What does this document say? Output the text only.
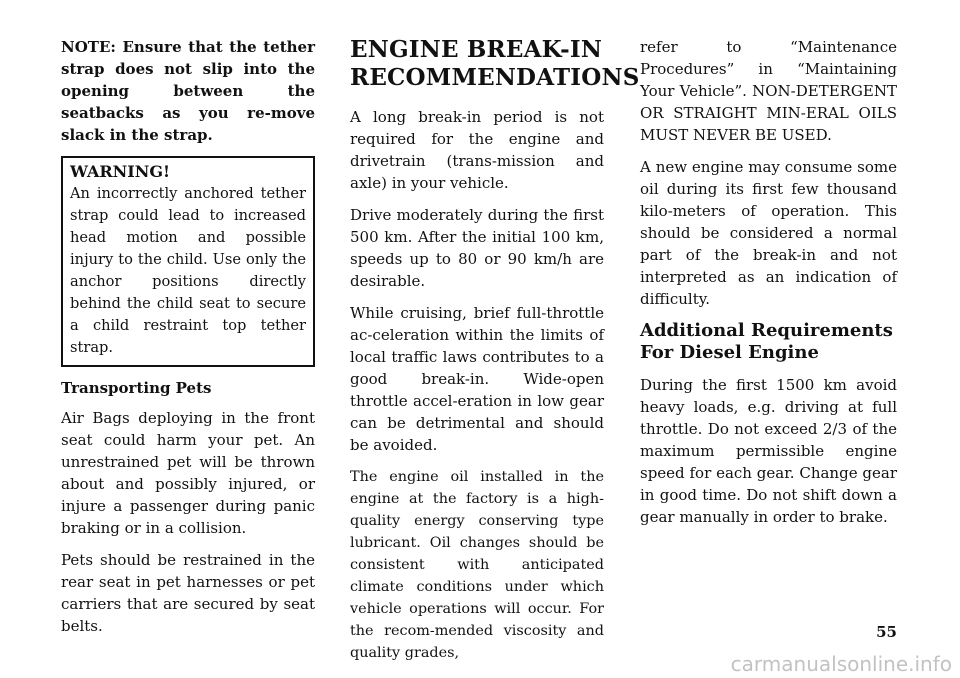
NOTE: Ensure that the tether strap does not slip into the opening between the seatbacks as you re-move slack in the strap.

WARNING!

An incorrectly anchored tether strap could lead to increased head motion and possible injury to the child. Use only the anchor positions directly behind the child seat to secure a child restraint top tether strap.

Transporting Pets

Air Bags deploying in the front seat could harm your pet. An unrestrained pet will be thrown about and possibly injured, or injure a passenger during panic braking or in a collision.

Pets should be restrained in the rear seat in pet harnesses or pet carriers that are secured by seat belts.

ENGINE BREAK-IN RECOMMENDATIONS

A long break-in period is not required for the engine and drivetrain (trans-mission and axle) in your vehicle.

Drive moderately during the first 500 km. After the initial 100 km, speeds up to 80 or 90 km/h are desirable.

While cruising, brief full-throttle ac-celeration within the limits of local traffic laws contributes to a good break-in. Wide-open throttle accel-eration in low gear can be detrimental and should be avoided.

The engine oil installed in the engine at the factory is a high-quality energy conserving type lubricant. Oil changes should be consistent with anticipated climate conditions under which vehicle operations will occur. For the recom-mended viscosity and quality grades,

refer to “Maintenance Procedures” in “Maintaining Your Vehicle”. NON-DETERGENT OR STRAIGHT MIN-ERAL OILS MUST NEVER BE USED.

A new engine may consume some oil during its first few thousand kilo-meters of operation. This should be considered a normal part of the break-in and not interpreted as an indication of difficulty.

Additional Requirements For Diesel Engine

During the first 1500 km avoid heavy loads, e.g. driving at full throttle. Do not exceed 2/3 of the maximum permissible engine speed for each gear. Change gear in good time. Do not shift down a gear manually in order to brake.

55
carmanualsonline.info
